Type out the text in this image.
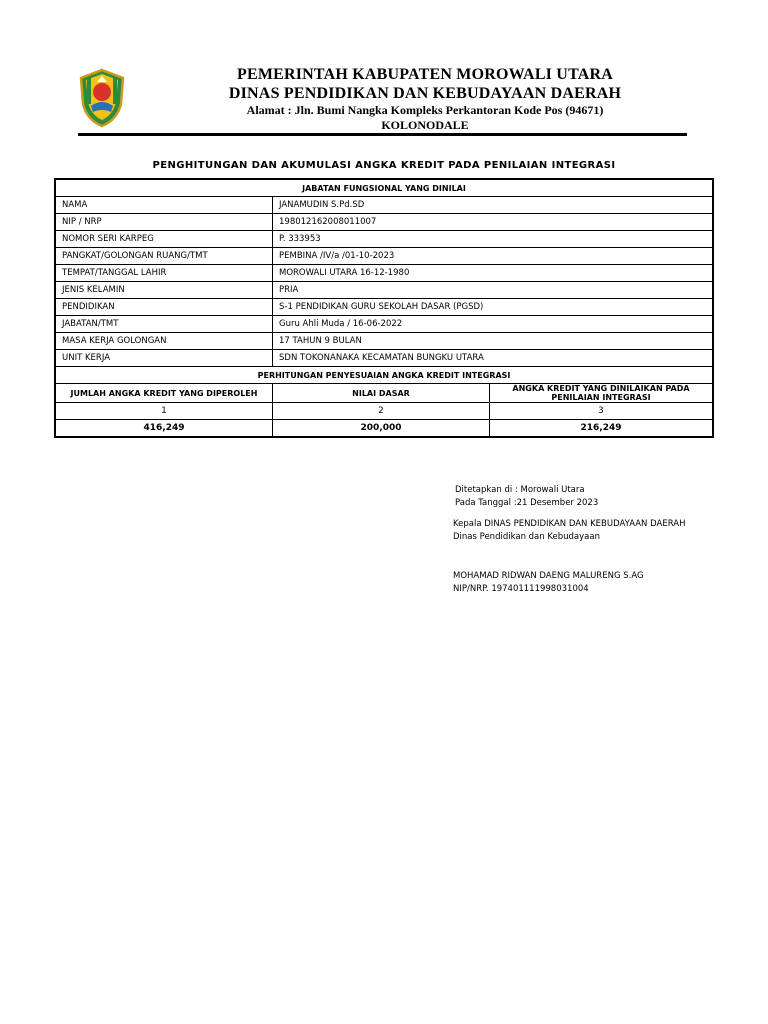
PEMERINTAH KABUPATEN MOROWALI UTARA
DINAS PENDIDIKAN DAN KEBUDAYAAN DAERAH
Alamat : Jln. Bumi Nangka Kompleks Perkantoran Kode Pos (94671)
KOLONODALE
PENGHITUNGAN DAN AKUMULASI ANGKA KREDIT PADA PENILAIAN INTEGRASI
JABATAN FUNGSIONAL YANG DINILAI		
NAMA	JANAMUDIN S.Pd.SD	
NIP / NRP	198012162008011007	
NOMOR SERI KARPEG	P. 333953	
PANGKAT/GOLONGAN RUANG/TMT	PEMBINA /IV/a /01-10-2023	
TEMPAT/TANGGAL LAHIR	MOROWALI UTARA 16-12-1980	
JENIS KELAMIN	PRIA	
PENDIDIKAN	S-1 PENDIDIKAN GURU SEKOLAH DASAR (PGSD)	
JABATAN/TMT	Guru Ahli Muda / 16-06-2022	
MASA KERJA GOLONGAN	17 TAHUN 9 BULAN	
UNIT KERJA	SDN TOKONANAKA KECAMATAN BUNGKU UTARA	
PERHITUNGAN PENYESUAIAN ANGKA KREDIT INTEGRASI		
JUMLAH ANGKA KREDIT YANG DIPEROLEH	NILAI DASAR	ANGKA KREDIT YANG DINILAIKAN PADA PENILAIAN INTEGRASI
1	2	3
416,249	200,000	216,249
Ditetapkan di : Morowali Utara
Pada Tanggal :21 Desember 2023
Kepala DINAS PENDIDIKAN DAN KEBUDAYAAN DAERAH
Dinas Pendidikan dan Kebudayaan
MOHAMAD RIDWAN DAENG MALURENG S.AG
NIP/NRP. 197401111998031004
